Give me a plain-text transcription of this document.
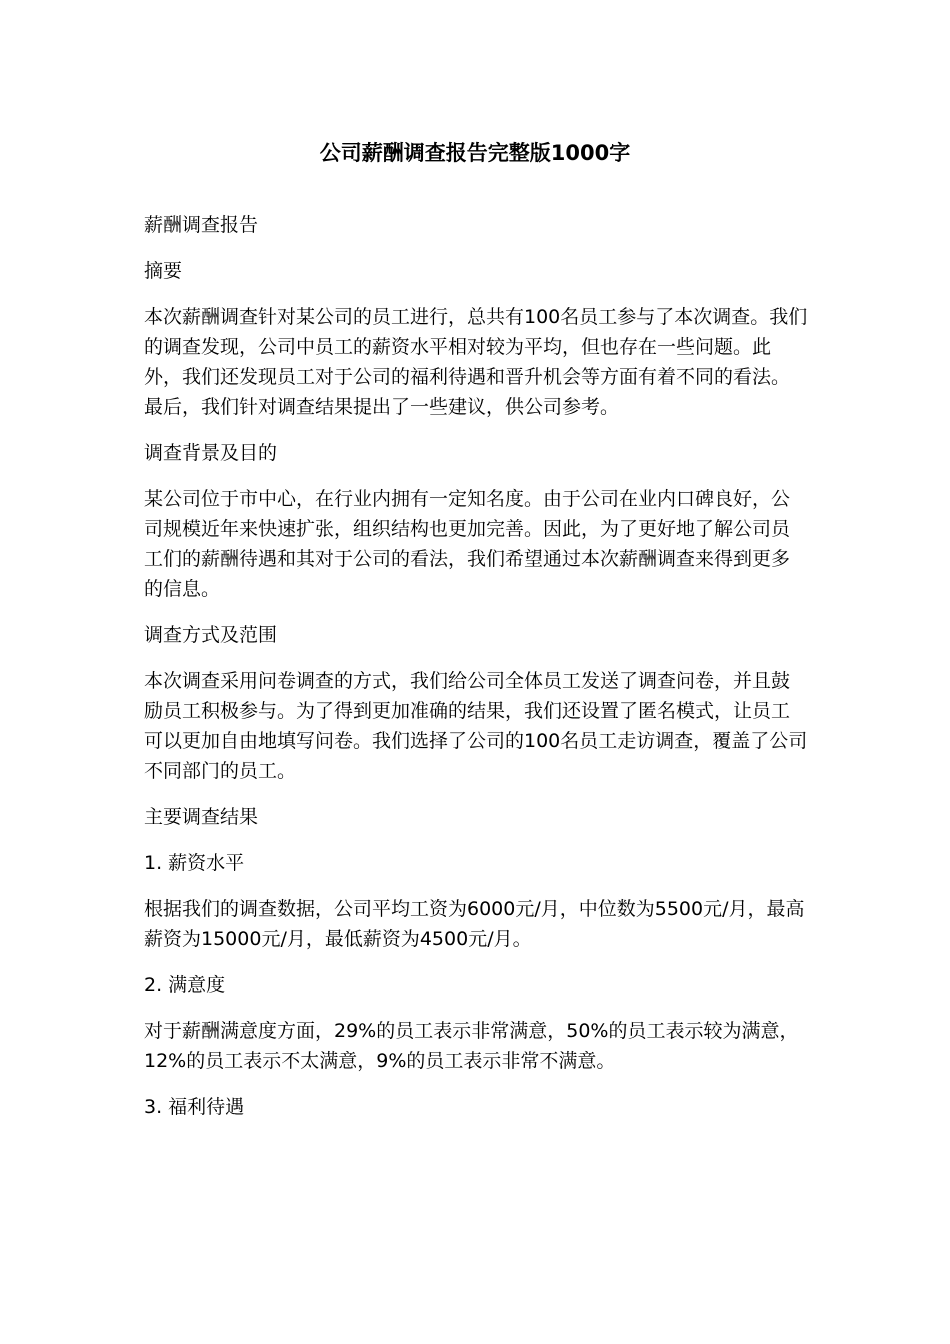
公司薪酬调查报告完整版1000字

薪酬调查报告

摘要

本次薪酬调查针对某公司的员工进行，总共有100名员工参与了本次调查。我们的调查发现，公司中员工的薪资水平相对较为平均，但也存在一些问题。此外，我们还发现员工对于公司的福利待遇和晋升机会等方面有着不同的看法。最后，我们针对调查结果提出了一些建议，供公司参考。

调查背景及目的

某公司位于市中心，在行业内拥有一定知名度。由于公司在业内口碑良好，公司规模近年来快速扩张，组织结构也更加完善。因此，为了更好地了解公司员工们的薪酬待遇和其对于公司的看法，我们希望通过本次薪酬调查来得到更多的信息。

调查方式及范围

本次调查采用问卷调查的方式，我们给公司全体员工发送了调查问卷，并且鼓励员工积极参与。为了得到更加准确的结果，我们还设置了匿名模式，让员工可以更加自由地填写问卷。我们选择了公司的100名员工走访调查，覆盖了公司不同部门的员工。

主要调查结果

1. 薪资水平

根据我们的调查数据，公司平均工资为6000元/月，中位数为5500元/月，最高薪资为15000元/月，最低薪资为4500元/月。

2. 满意度

对于薪酬满意度方面，29%的员工表示非常满意，50%的员工表示较为满意，12%的员工表示不太满意，9%的员工表示非常不满意。

3. 福利待遇
